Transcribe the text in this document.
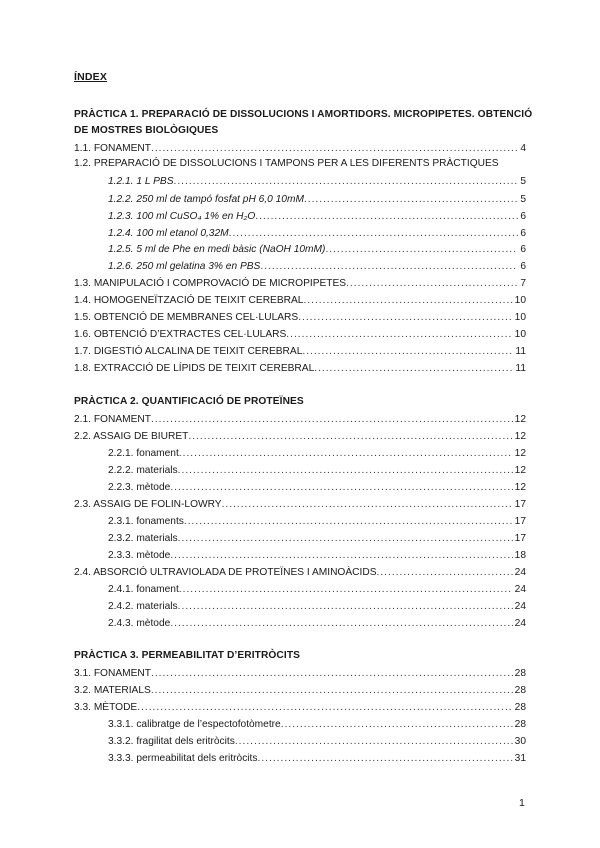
ÍNDEX
PRÀCTICA 1. PREPARACIÓ DE DISSOLUCIONS I AMORTIDORS. MICROPIPETES. OBTENCIÓ DE MOSTRES BIOLÒGIQUES
1.1. FONAMENT .....	4
1.2. PREPARACIÓ DE DISSOLUCIONS I TAMPONS PER A LES DIFERENTS PRÀCTIQUES
1.2.1. 1 L PBS .....	5
1.2.2. 250 ml de tampó fosfat pH 6,0 10mM .....	5
1.2.3. 100 ml CuSO₄ 1% en H₂O .....	6
1.2.4. 100 ml etanol 0,32M .....	6
1.2.5. 5 ml de Phe en medi bàsic (NaOH 10mM) .....	6
1.2.6. 250 ml gelatina 3% en PBS .....	6
1.3. MANIPULACIÓ I COMPROVACIÓ DE MICROPIPETES .....	7
1.4. HOMOGENEÏTZACIÓ DE TEIXIT CEREBRAL .....	10
1.5. OBTENCIÓ DE MEMBRANES CEL·LULARS .....	10
1.6. OBTENCIÓ D’EXTRACTES CEL·LULARS .....	10
1.7. DIGESTIÓ ALCALINA DE TEIXIT CEREBRAL .....	11
1.8. EXTRACCIÓ DE LÍPIDS DE TEIXIT CEREBRAL .....	11
PRÀCTICA 2. QUANTIFICACIÓ DE PROTEÏNES
2.1. FONAMENT .....	12
2.2. ASSAIG DE BIURET .....	12
2.2.1. fonament .....	12
2.2.2. materials .....	12
2.2.3. mètode .....	12
2.3. ASSAIG DE FOLIN-LOWRY .....	17
2.3.1. fonaments .....	17
2.3.2. materials .....	17
2.3.3. mètode .....	18
2.4. ABSORCIÓ ULTRAVIOLADA DE PROTEÏNES I AMINOÀCIDS .....	24
2.4.1. fonament .....	24
2.4.2. materials .....	24
2.4.3. mètode .....	24
PRÀCTICA 3. PERMEABILITAT D’ERITRÒCITS
3.1. FONAMENT .....	28
3.2. MATERIALS .....	28
3.3. MÈTODE .....	28
3.3.1. calibratge de l’espectofotòmetre .....	28
3.3.2. fragilitat dels eritròcits .....	30
3.3.3. permeabilitat dels eritròcits .....	31
1
